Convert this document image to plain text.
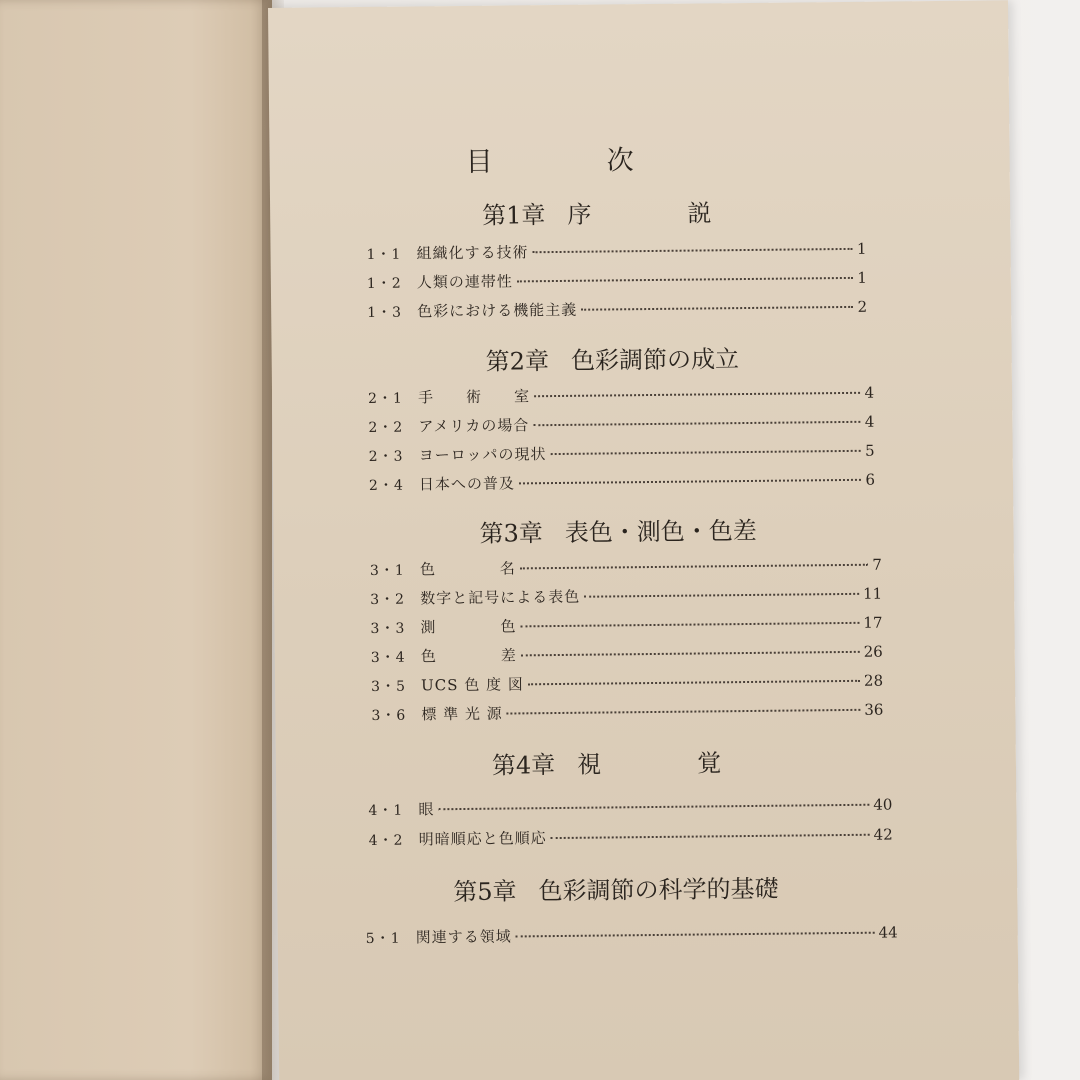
目	次
第1章 序　　　　説
1・1 組織化する技術	1
1・2 人類の連帯性	1
1・3 色彩における機能主義	2
第2章 色彩調節の成立
2・1 手　　術　　室	4
2・2 アメリカの場合	4
2・3 ヨーロッパの現状	5
2・4 日本への普及	6
第3章 表色・測色・色差
3・1 色　　　　名	7
3・2 数字と記号による表色	11
3・3 測　　　　色	17
3・4 色　　　　差	26
3・5 UCS 色 度 図	28
3・6 標 準 光 源	36
第4章 視　　　　覚
4・1 眼	40
4・2 明暗順応と色順応	42
第5章 色彩調節の科学的基礎
5・1 関連する領域	44
